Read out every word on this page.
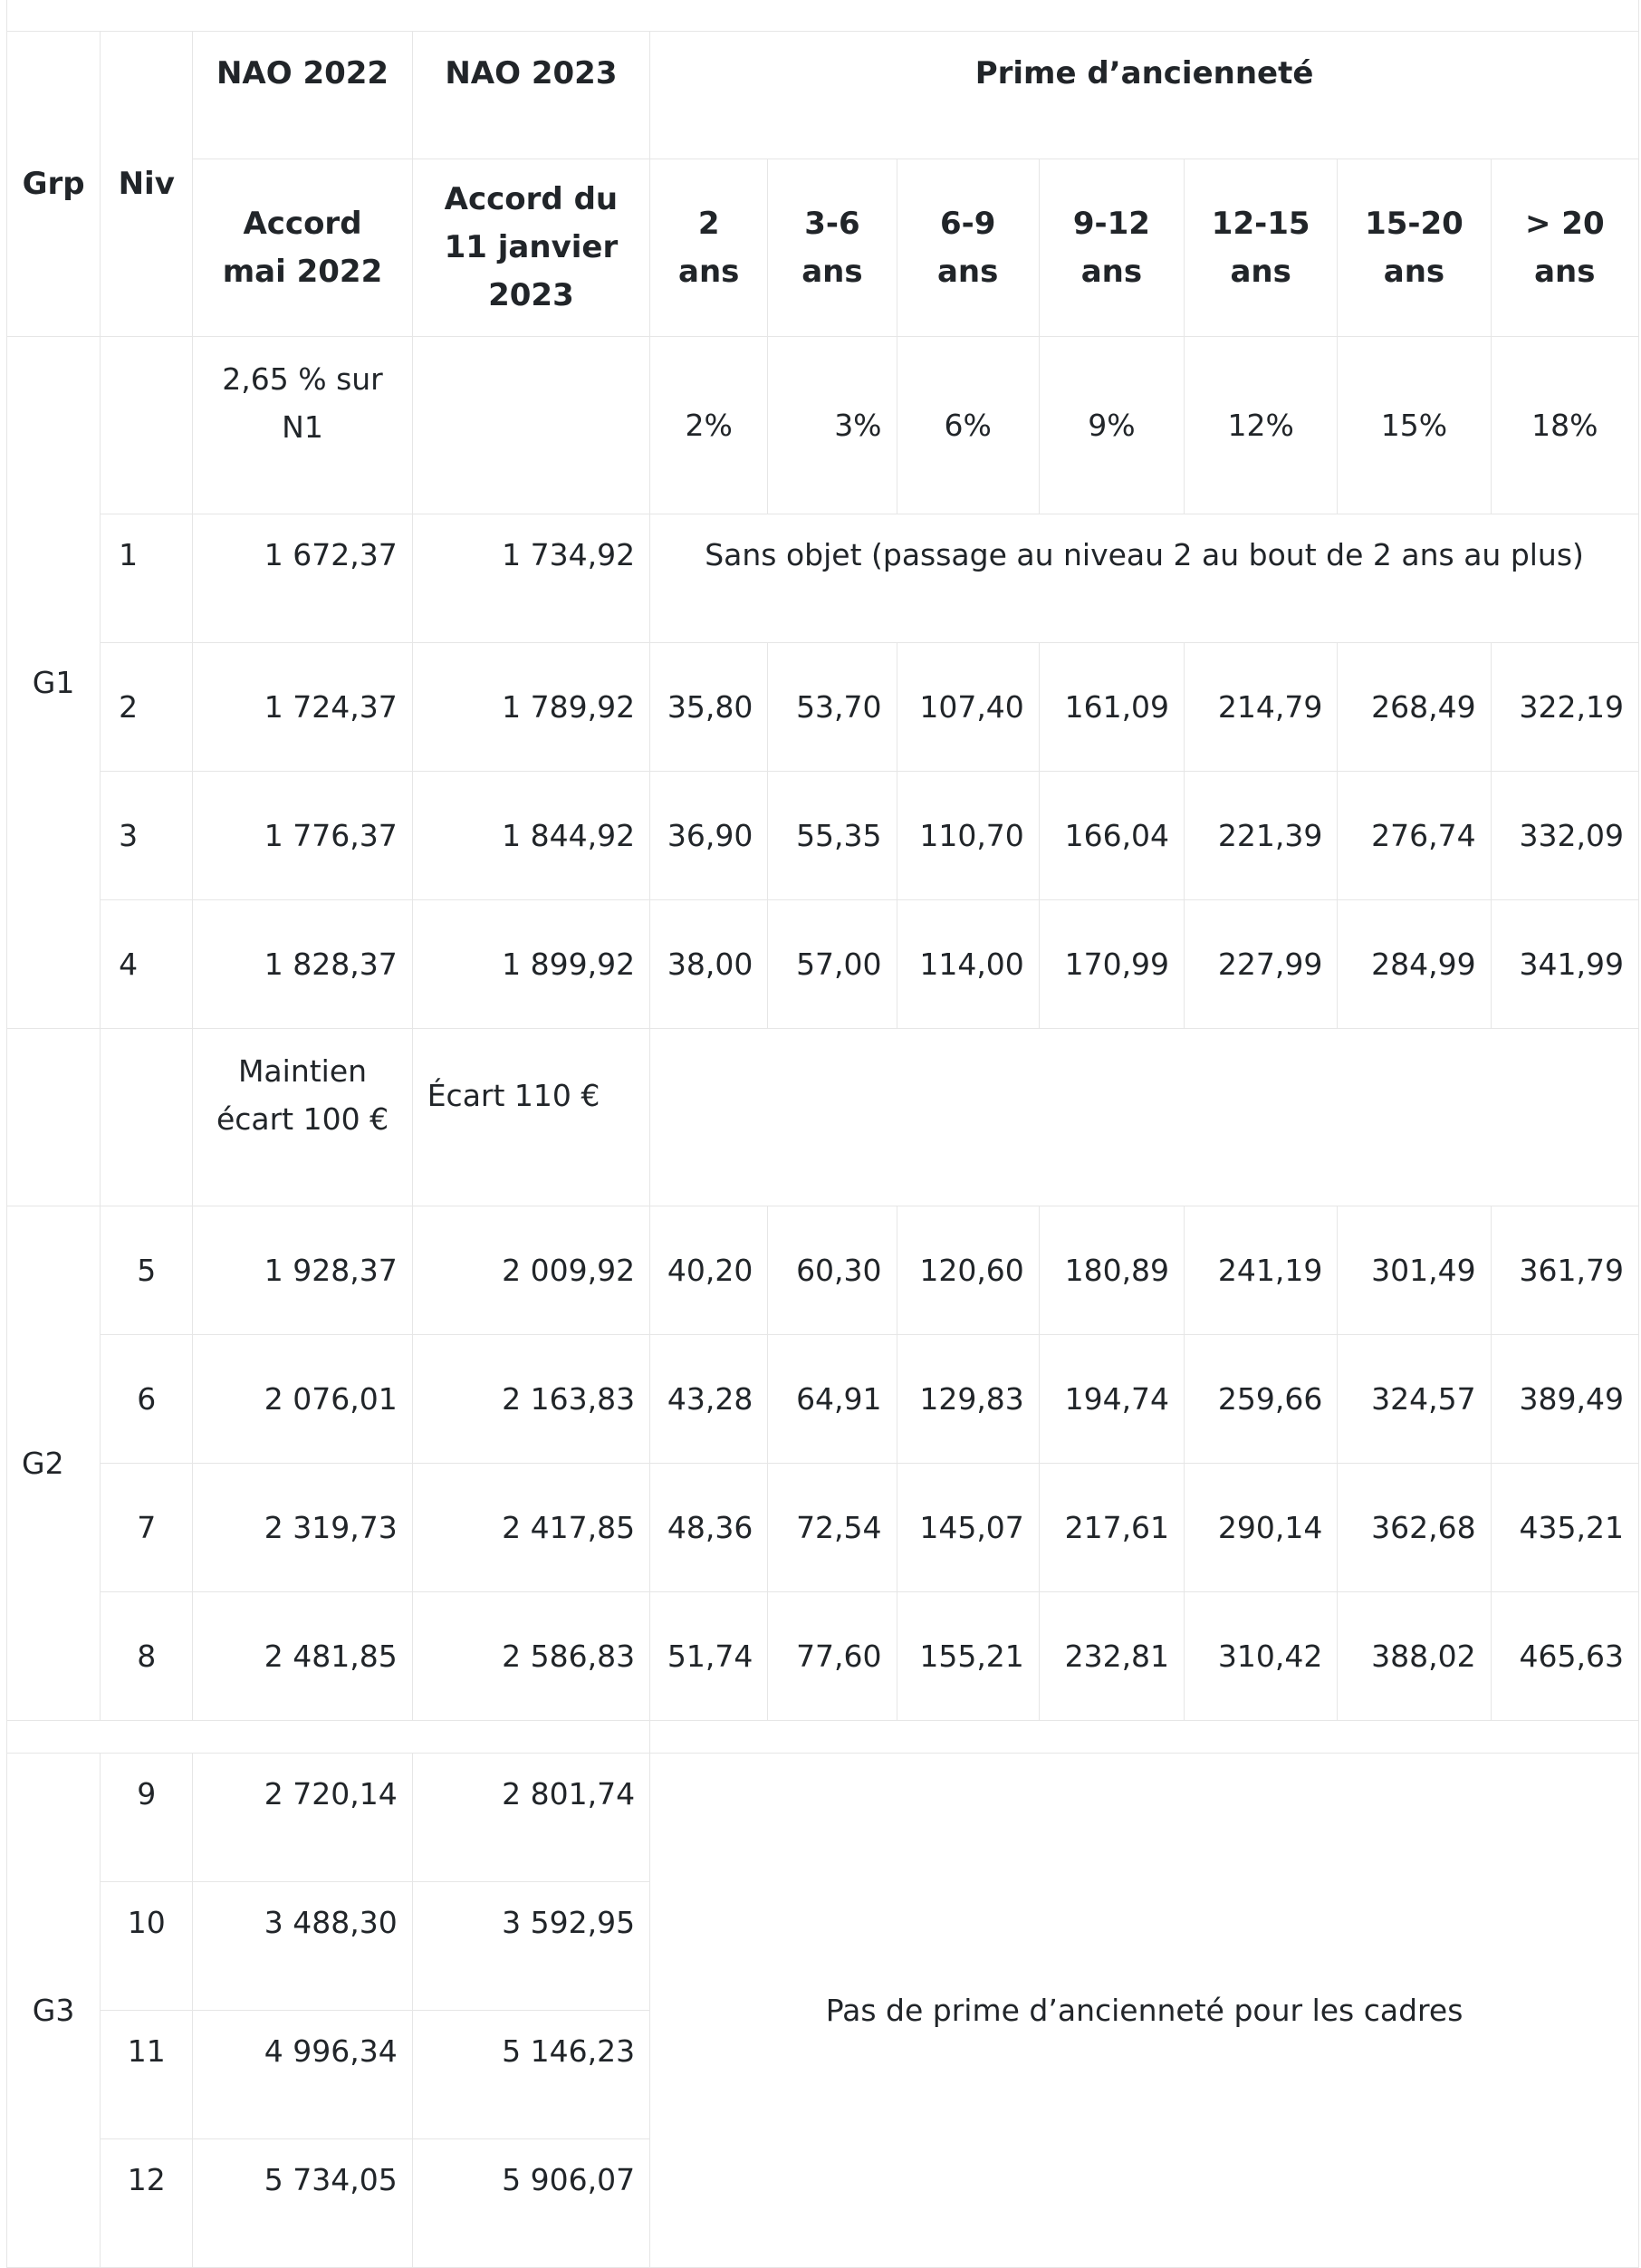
Grp	Niv	NAO 2022	NAO 2023	Prime d’ancienneté						
		Accord mai 2022	Accord du 11 janvier 2023	2 ans	3-6 ans	6-9 ans	9-12 ans	12-15 ans	15-20 ans	> 20 ans
G1		2,65 % sur N1		2%	3%	6%	9%	12%	15%	18%
	1	1 672,37	1 734,92	Sans objet (passage au niveau 2 au bout de 2 ans au plus)						
	2	1 724,37	1 789,92	35,80	53,70	107,40	161,09	214,79	268,49	322,19
	3	1 776,37	1 844,92	36,90	55,35	110,70	166,04	221,39	276,74	332,09
	4	1 828,37	1 899,92	38,00	57,00	114,00	170,99	227,99	284,99	341,99
		Maintien écart 100 €	Écart 110 €							
G2	5	1 928,37	2 009,92	40,20	60,30	120,60	180,89	241,19	301,49	361,79
	6	2 076,01	2 163,83	43,28	64,91	129,83	194,74	259,66	324,57	389,49
	7	2 319,73	2 417,85	48,36	72,54	145,07	217,61	290,14	362,68	435,21
	8	2 481,85	2 586,83	51,74	77,60	155,21	232,81	310,42	388,02	465,63

G3	9	2 720,14	2 801,74	Pas de prime d’ancienneté pour les cadres						
	10	3 488,30	3 592,95							
	11	4 996,34	5 146,23							
	12	5 734,05	5 906,07							
